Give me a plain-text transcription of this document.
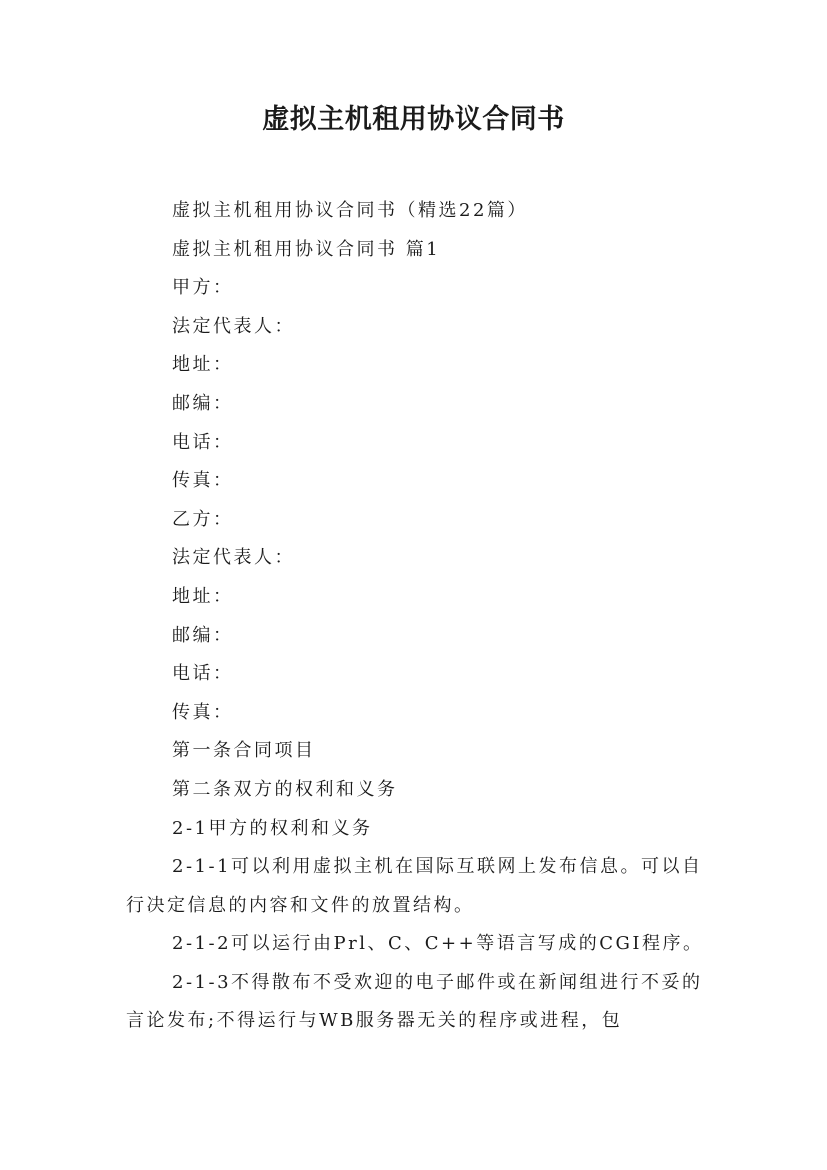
虚拟主机租用协议合同书

虚拟主机租用协议合同书（精选22篇）

虚拟主机租用协议合同书 篇1

甲方：

法定代表人：

地址：

邮编：

电话：

传真：

乙方：

法定代表人：

地址：

邮编：

电话：

传真：

第一条合同项目

第二条双方的权利和义务

2-1甲方的权利和义务

2-1-1可以利用虚拟主机在国际互联网上发布信息。可以自行决定信息的内容和文件的放置结构。

2-1-2可以运行由Prl、C、C++等语言写成的CGI程序。

2-1-3不得散布不受欢迎的电子邮件或在新闻组进行不妥的言论发布;不得运行与WB服务器无关的程序或进程，包
